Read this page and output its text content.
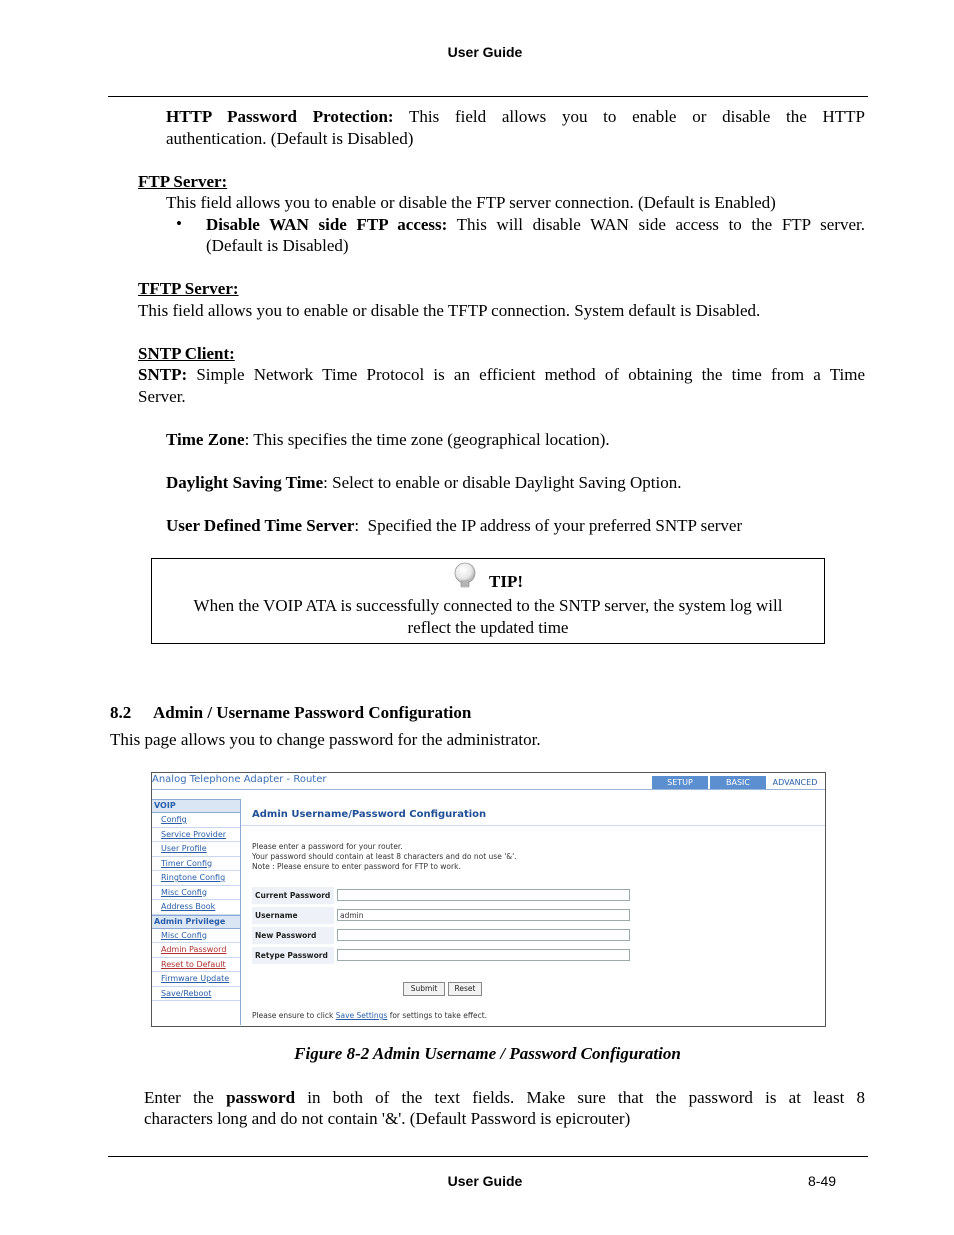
User Guide
HTTP Password Protection: This field allows you to enable or disable the HTTP
authentication. (Default is Disabled)
FTP Server:
This field allows you to enable or disable the FTP server connection. (Default is Enabled)
• Disable WAN side FTP access: This will disable WAN side access to the FTP server.
(Default is Disabled)
TFTP Server:
This field allows you to enable or disable the TFTP connection. System default is Disabled.
SNTP Client:
SNTP: Simple Network Time Protocol is an efficient method of obtaining the time from a Time
Server.
Time Zone: This specifies the time zone (geographical location).
Daylight Saving Time: Select to enable or disable Daylight Saving Option.
User Defined Time Server:  Specified the IP address of your preferred SNTP server
TIP!
When the VOIP ATA is successfully connected to the SNTP server, the system log will
reflect the updated time
8.2 Admin / Username Password Configuration
This page allows you to change password for the administrator.
Analog Telephone Adapter - Router	SETUP	BASIC	ADVANCED
VOIP
Config
Service Provider
User Profile
Timer Config
Ringtone Config
Misc Config
Address Book
Admin Privilege
Misc Config
Admin Password
Reset to Default
Firmware Update
Save/Reboot
Admin Username/Password Configuration
Please enter a password for your router.
Your password should contain at least 8 characters and do not use '&'.
Note : Please ensure to enter password for FTP to work.
Current Password
Username	admin
New Password
Retype Password
Submit	Reset
Please ensure to click Save Settings for settings to take effect.
Figure 8-2 Admin Username / Password Configuration
Enter the password in both of the text fields. Make sure that the password is at least 8
characters long and do not contain '&'. (Default Password is epicrouter)
User Guide	8-49
